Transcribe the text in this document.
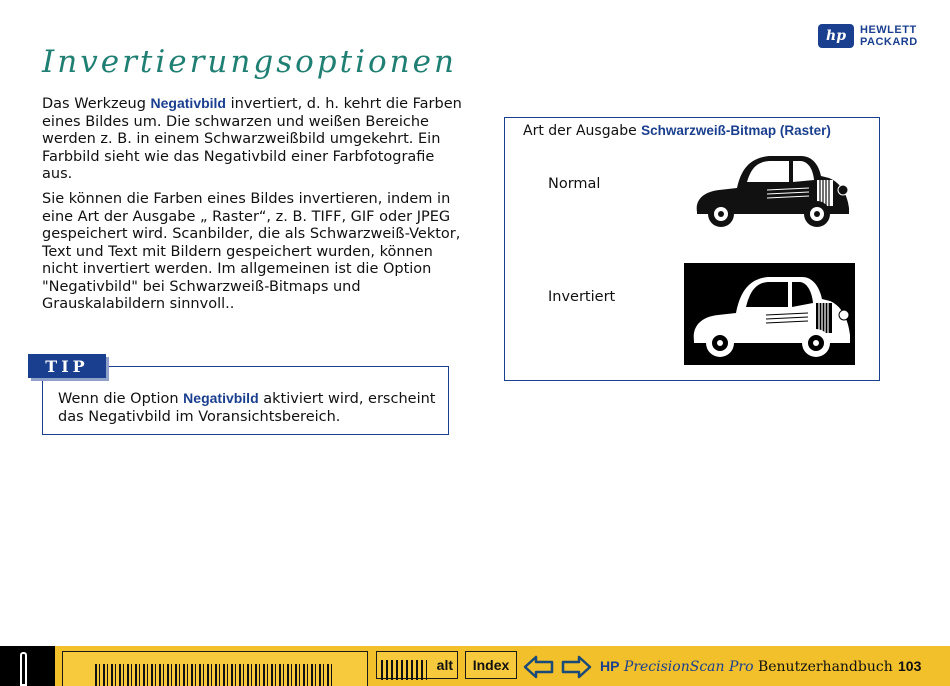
hp	HEWLETT
PACKARD
Invertierungsoptionen

Das Werkzeug Negativbild invertiert, d. h. kehrt die Farben eines Bildes um. Die schwarzen und weißen Bereiche werden z. B. in einem Schwarzweißbild umgekehrt. Ein Farbbild sieht wie das Negativbild einer Farbfotografie aus.

Sie können die Farben eines Bildes invertieren, indem in eine Art der Ausgabe „ Raster“, z. B. TIFF, GIF oder JPEG gespeichert wird. Scanbilder, die als Schwarzweiß-Vektor, Text und Text mit Bildern gespeichert wurden, können nicht invertiert werden. Im allgemeinen ist die Option "Negativbild" bei Schwarzweiß-Bitmaps und Grauskalabildern sinnvoll..

TIP

Wenn die Option Negativbild aktiviert wird, erscheint das Negativbild im Voransichtsbereich.

Art der Ausgabe Schwarzweiß-Bitmap (Raster)
Normal
Invertiert
alt	Index	HP PrecisionScan Pro Benutzerhandbuch 103
